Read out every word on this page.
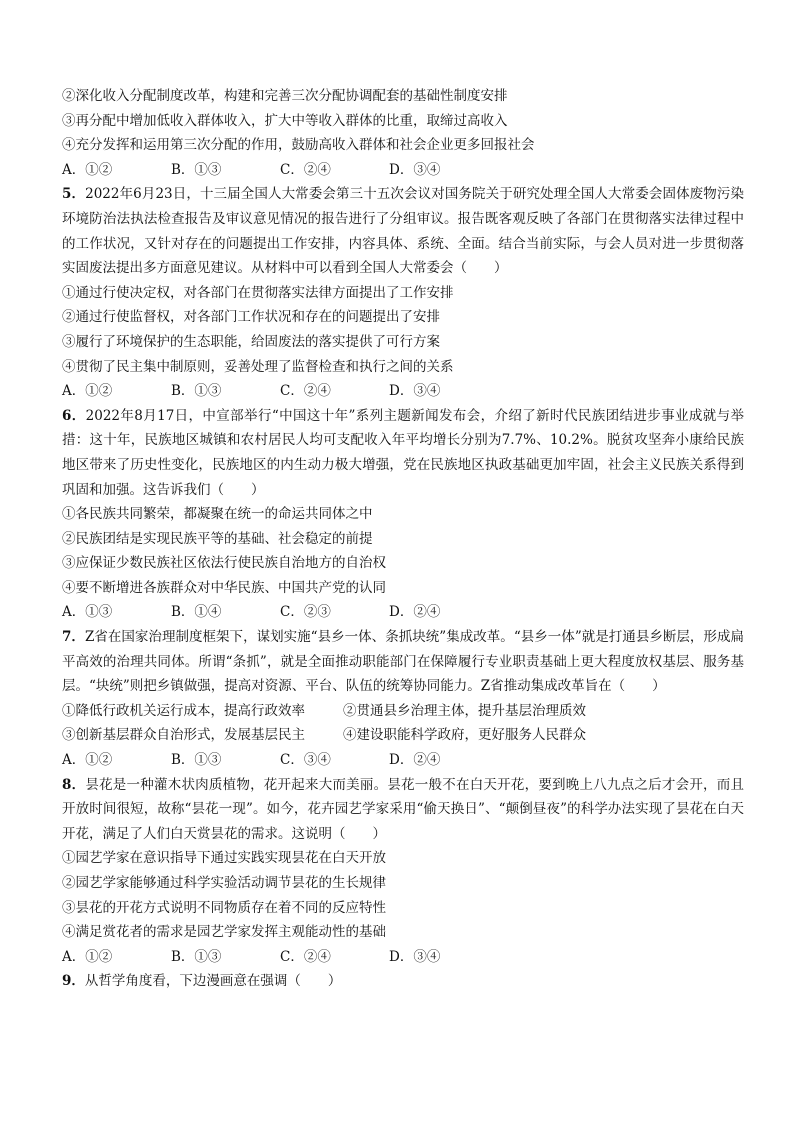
②深化收入分配制度改革，构建和完善三次分配协调配套的基础性制度安排
③再分配中增加低收入群体收入，扩大中等收入群体的比重，取缔过高收入
④充分发挥和运用第三次分配的作用，鼓励高收入群体和社会企业更多回报社会
A．①②	B．①③	C．②④	D．③④
5．2022年6月23日，十三届全国人大常委会第三十五次会议对国务院关于研究处理全国人大常委会固体废物污染环境防治法执法检查报告及审议意见情况的报告进行了分组审议。报告既客观反映了各部门在贯彻落实法律过程中的工作状况，又针对存在的问题提出工作安排，内容具体、系统、全面。结合当前实际，与会人员对进一步贯彻落实固废法提出多方面意见建议。从材料中可以看到全国人大常委会（　　）
①通过行使决定权，对各部门在贯彻落实法律方面提出了工作安排
②通过行使监督权，对各部门工作状况和存在的问题提出了安排
③履行了环境保护的生态职能，给固废法的落实提供了可行方案
④贯彻了民主集中制原则，妥善处理了监督检查和执行之间的关系
A．①②	B．①③	C．②④	D．③④
6．2022年8月17日，中宣部举行“中国这十年”系列主题新闻发布会，介绍了新时代民族团结进步事业成就与举措：这十年，民族地区城镇和农村居民人均可支配收入年平均增长分别为7.7%、10.2%。脱贫攻坚奔小康给民族地区带来了历史性变化，民族地区的内生动力极大增强，党在民族地区执政基础更加牢固，社会主义民族关系得到巩固和加强。这告诉我们（　　）
①各民族共同繁荣，都凝聚在统一的命运共同体之中
②民族团结是实现民族平等的基础、社会稳定的前提
③应保证少数民族社区依法行使民族自治地方的自治权
④要不断增进各族群众对中华民族、中国共产党的认同
A．①③	B．①④	C．②③	D．②④
7．Z省在国家治理制度框架下，谋划实施“县乡一体、条抓块统”集成改革。“县乡一体”就是打通县乡断层，形成扁平高效的治理共同体。所谓“条抓”，就是全面推动职能部门在保障履行专业职责基础上更大程度放权基层、服务基层。“块统”则把乡镇做强，提高对资源、平台、队伍的统筹协同能力。Z省推动集成改革旨在（　　）
①降低行政机关运行成本，提高行政效率	②贯通县乡治理主体，提升基层治理质效
③创新基层群众自治形式，发展基层民主	④建设职能科学政府，更好服务人民群众
A．①②	B．①③	C．③④	D．②④
8．昙花是一种灌木状肉质植物，花开起来大而美丽。昙花一般不在白天开花，要到晚上八九点之后才会开，而且开放时间很短，故称“昙花一现”。如今，花卉园艺学家采用“偷天换日”、“颠倒昼夜”的科学办法实现了昙花在白天开花，满足了人们白天赏昙花的需求。这说明（　　）
①园艺学家在意识指导下通过实践实现昙花在白天开放
②园艺学家能够通过科学实验活动调节昙花的生长规律
③昙花的开花方式说明不同物质存在着不同的反应特性
④满足赏花者的需求是园艺学家发挥主观能动性的基础
A．①②	B．①③	C．②④	D．③④
9．从哲学角度看，下边漫画意在强调（　　）
